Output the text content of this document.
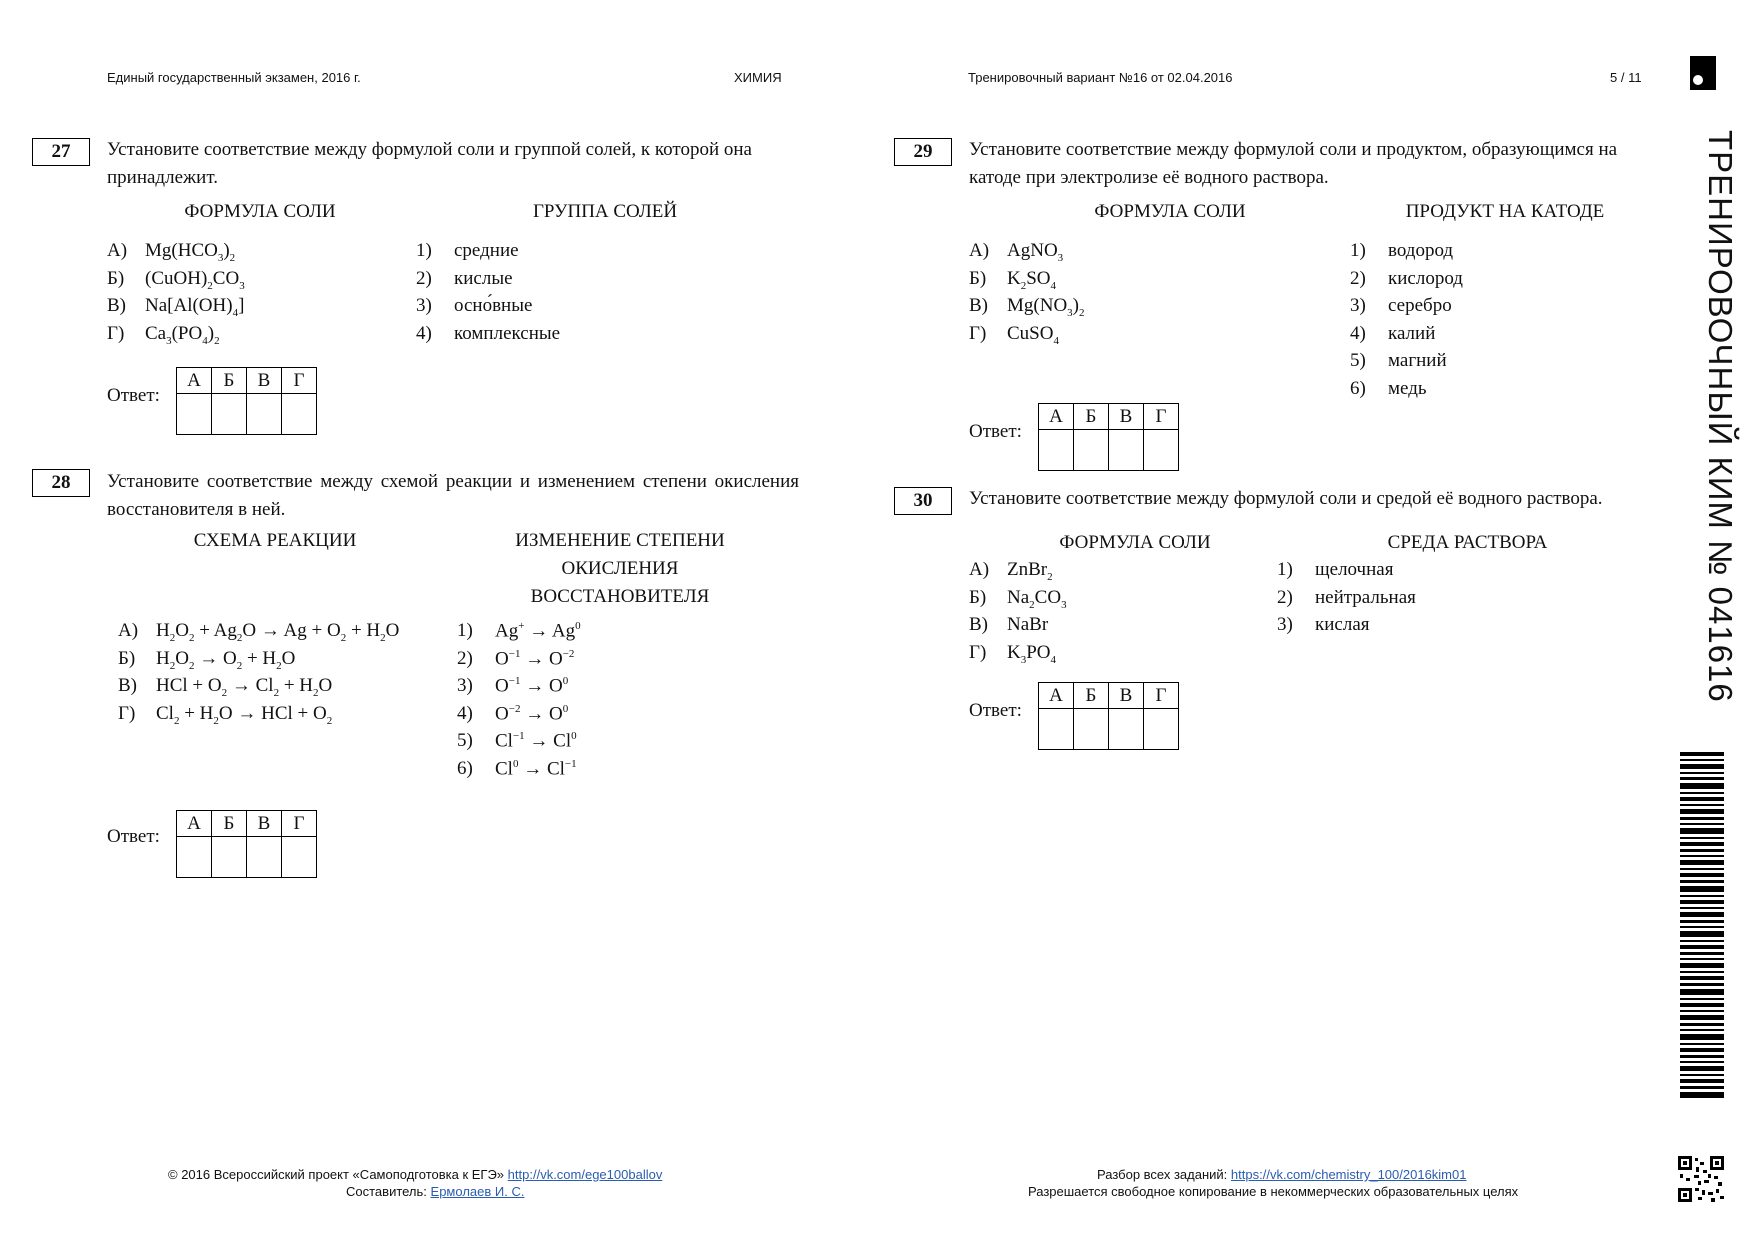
Единый государственный экзамен, 2016 г.	ХИМИЯ	Тренировочный вариант №16 от 02.04.2016	5 / 11
ТРЕНИРОВОЧНЫЙ КИМ № 041616
27	Установите соответствие между формулой соли и группой солей, к которой она принадлежит.
ФОРМУЛА СОЛИ	ГРУППА СОЛЕЙ
А) $Mg(HCO_3)_2$
Б) $(CuOH)_2CO_3$
В) $Na[Al(OH)_4]$
Г) $Ca_3(PO_4)_2$
1) средние
2) кислые
3) осно́вные
4) комплексные
Ответ:
А	Б	В	Г

28	Установите соответствие между схемой реакции и изменением степени окисления восстановителя в ней.
СХЕМА РЕАКЦИИ	ИЗМЕНЕНИЕ СТЕПЕНИ
ОКИСЛЕНИЯ
ВОССТАНОВИТЕЛЯ
А) $H_2O_2 + Ag_2O \to Ag + O_2 + H_2O$
Б) $H_2O_2 \to O_2 + H_2O$
В) HCl + $O_2 \to Cl_2 + H_2O$
Г) $Cl_2 + H_2O$ → HCl + $O_2$
1) $Ag^+ \to Ag^0$
2) $O^{-1} \to O^{-2}$
3) $O^{-1} \to O^0$
4) $O^{-2} \to O^0$
5) $Cl^{-1} \to Cl^0$
6) $Cl^0 \to Cl^{-1}$
Ответ:
А	Б	В	Г

29	Установите соответствие между формулой соли и продуктом, образующимся на катоде при электролизе её водного раствора.
ФОРМУЛА СОЛИ	ПРОДУКТ НА КАТОДЕ
А) AgNO$_3$
Б) $K_2SO_4$
В) $Mg(NO_3)_2$
Г) CuSO$_4$
1) водород
2) кислород
3) серебро
4) калий
5) магний
6) медь
Ответ:
А	Б	В	Г

30	Установите соответствие между формулой соли и средой её водного раствора.
ФОРМУЛА СОЛИ	СРЕДА РАСТВОРА
А) ZnBr$_2$
Б) $Na_2CO_3$
В) NaBr
Г) $K_3PO_4$
1) щелочная
2) нейтральная
3) кислая
Ответ:
А	Б	В	Г

© 2016 Всероссийский проект «Самоподготовка к ЕГЭ» http://vk.com/ege100ballov
Составитель: Ермолаев И. С.
Разбор всех заданий: https://vk.com/chemistry_100/2016kim01
Разрешается свободное копирование в некоммерческих образовательных целях
